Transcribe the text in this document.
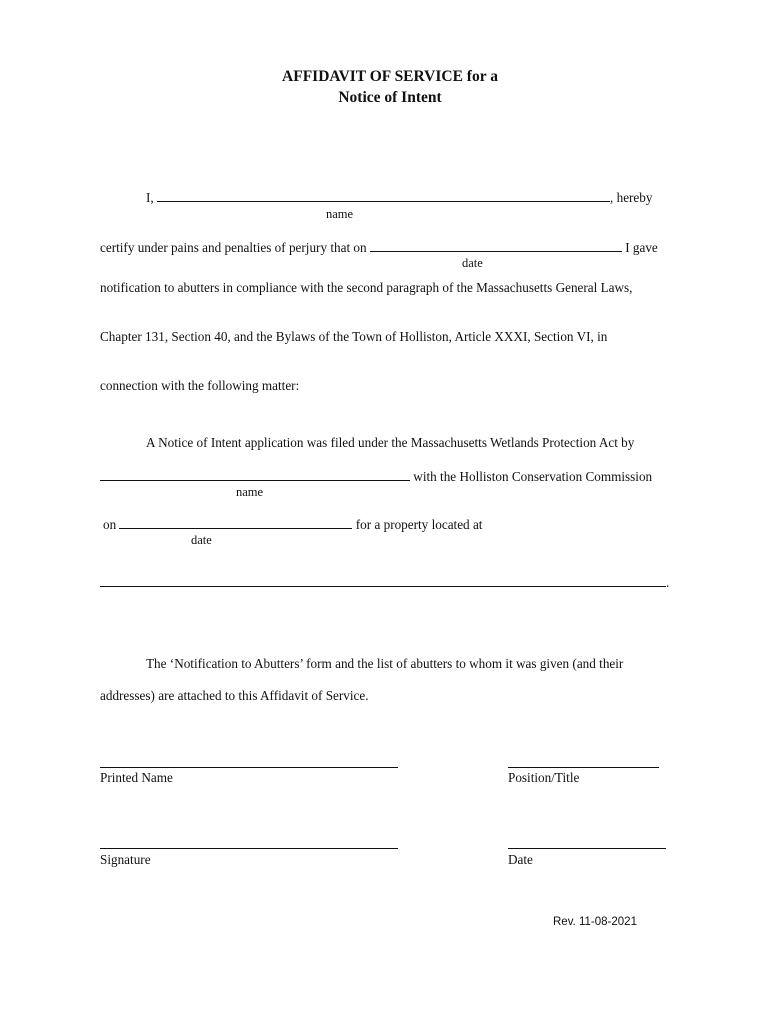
AFFIDAVIT OF SERVICE for a
Notice of Intent
I,	, hereby
name
certify under pains and penalties of perjury that on	I gave
date
notification to abutters in compliance with the second paragraph of the Massachusetts General Laws,
Chapter 131, Section 40, and the Bylaws of the Town of Holliston, Article XXXI, Section VI, in
connection with the following matter:
A Notice of Intent application was filed under the Massachusetts Wetlands Protection Act by
with the Holliston Conservation Commission
name
on	for a property located at
date
.
The ‘Notification to Abutters’ form and the list of abutters to whom it was given (and their
addresses) are attached to this Affidavit of Service.
Printed Name	Position/Title
Signature	Date
Rev. 11-08-2021
